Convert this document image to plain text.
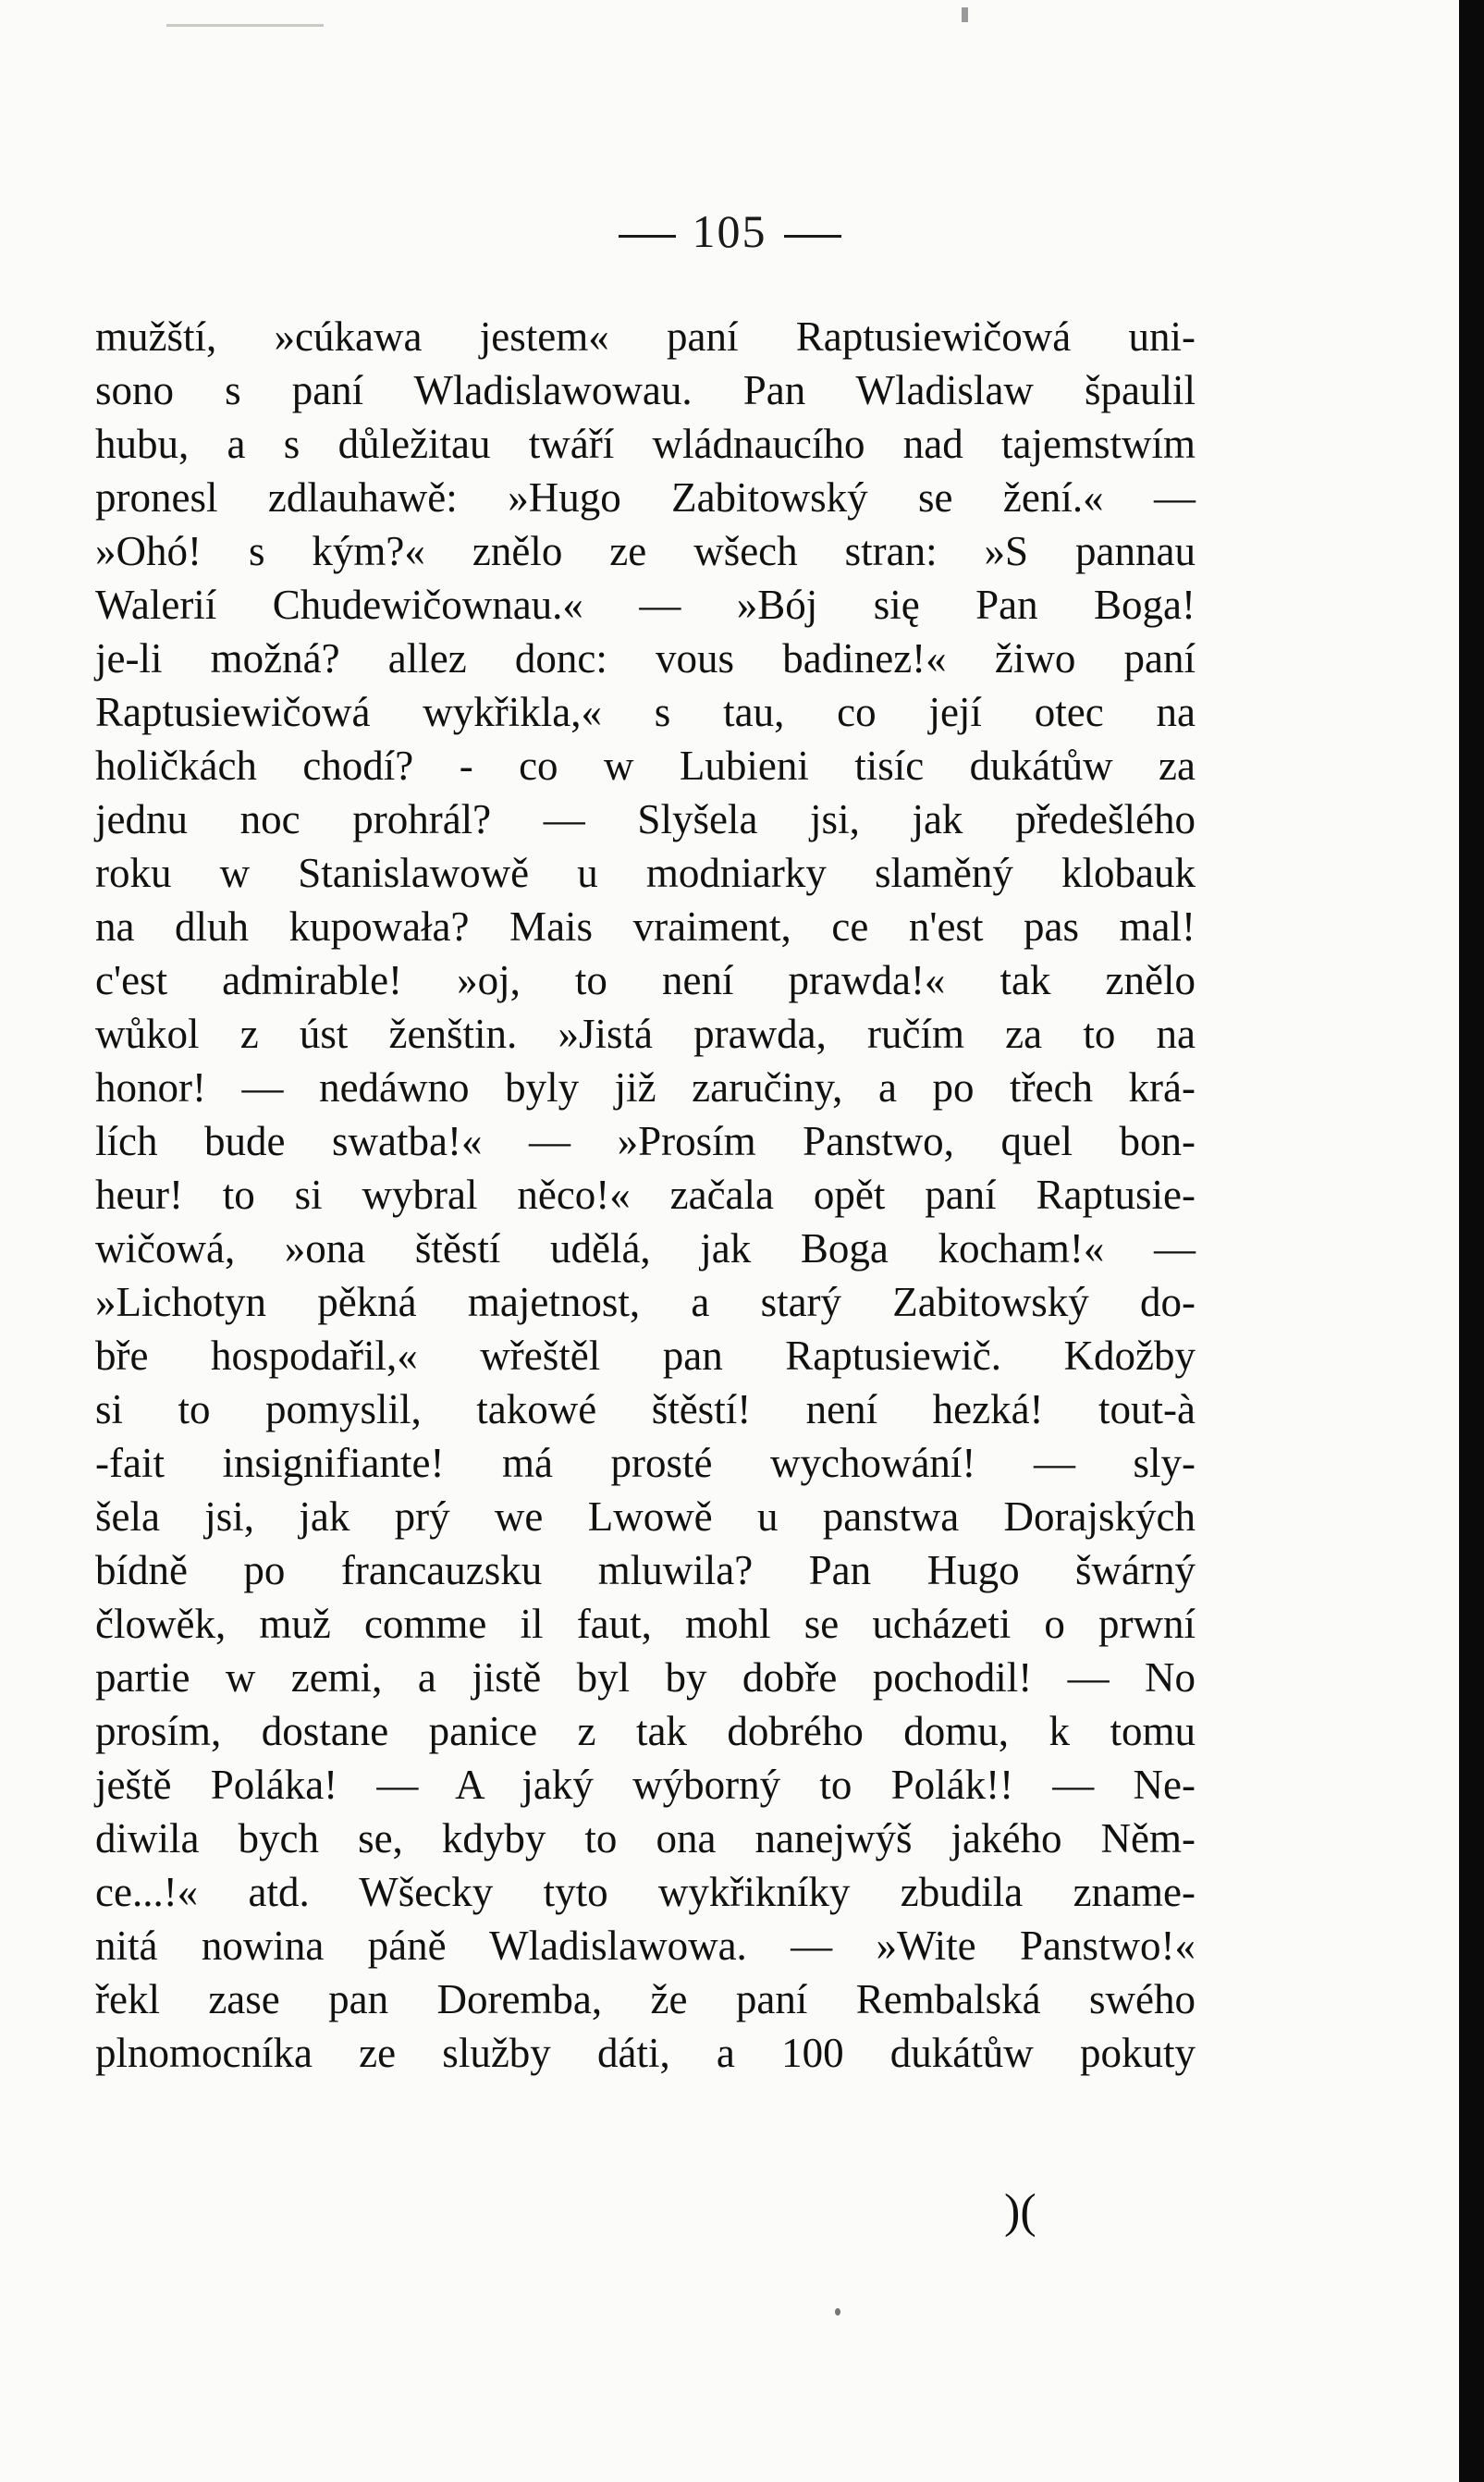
105
mužští, »cúkawa jestem« paní Raptusiewičowá uni-
sono s paní Wladislawowau. Pan Wladislaw špaulil
hubu, a s důležitau twáří wládnaucího nad tajemstwím
pronesl zdlauhawě: »Hugo Zabitowský se žení.« —
»Ohó! s kým?« znělo ze wšech stran: »S pannau
Walerií Chudewičownau.« — »Bój się Pan Boga!
je-li možná? allez donc: vous badinez!« žiwo paní
Raptusiewičowá wykřikla,« s tau, co její otec na
holičkách chodí? - co w Lubieni tisíc dukátůw za
jednu noc prohrál? — Slyšela jsi, jak předešlého
roku w Stanislawowě u modniarky slaměný klobauk
na dluh kupowała? Mais vraiment, ce n'est pas mal!
c'est admirable! »oj, to není prawda!« tak znělo
wůkol z úst ženštin. »Jistá prawda, ručím za to na
honor! — nedáwno byly již zaručiny, a po třech krá-
lích bude swatba!« — »Prosím Panstwo, quel bon-
heur! to si wybral něco!« začala opět paní Raptusie-
wičowá, »ona štěstí udělá, jak Boga kocham!« —
»Lichotyn pěkná majetnost, a starý Zabitowský do-
bře hospodařil,« wřeštěl pan Raptusiewič. Kdožby
si to pomyslil, takowé štěstí! není hezká! tout-à
-fait insignifiante! má prosté wychowání! — sly-
šela jsi, jak prý we Lwowě u panstwa Dorajských
bídně po francauzsku mluwila? Pan Hugo šwárný
člowěk, muž comme il faut, mohl se ucházeti o prwní
partie w zemi, a jistě byl by dobře pochodil! — No
prosím, dostane panice z tak dobrého domu, k tomu
ještě Poláka! — A jaký wýborný to Polák!! — Ne-
diwila bych se, kdyby to ona nanejwýš jakého Něm-
ce...!« atd. Wšecky tyto wykřikníky zbudila zname-
nitá nowina páně Wladislawowa. — »Wite Panstwo!«
řekl zase pan Doremba, že paní Rembalská swého
plnomocníka ze služby dáti, a 100 dukátůw pokuty
)(
